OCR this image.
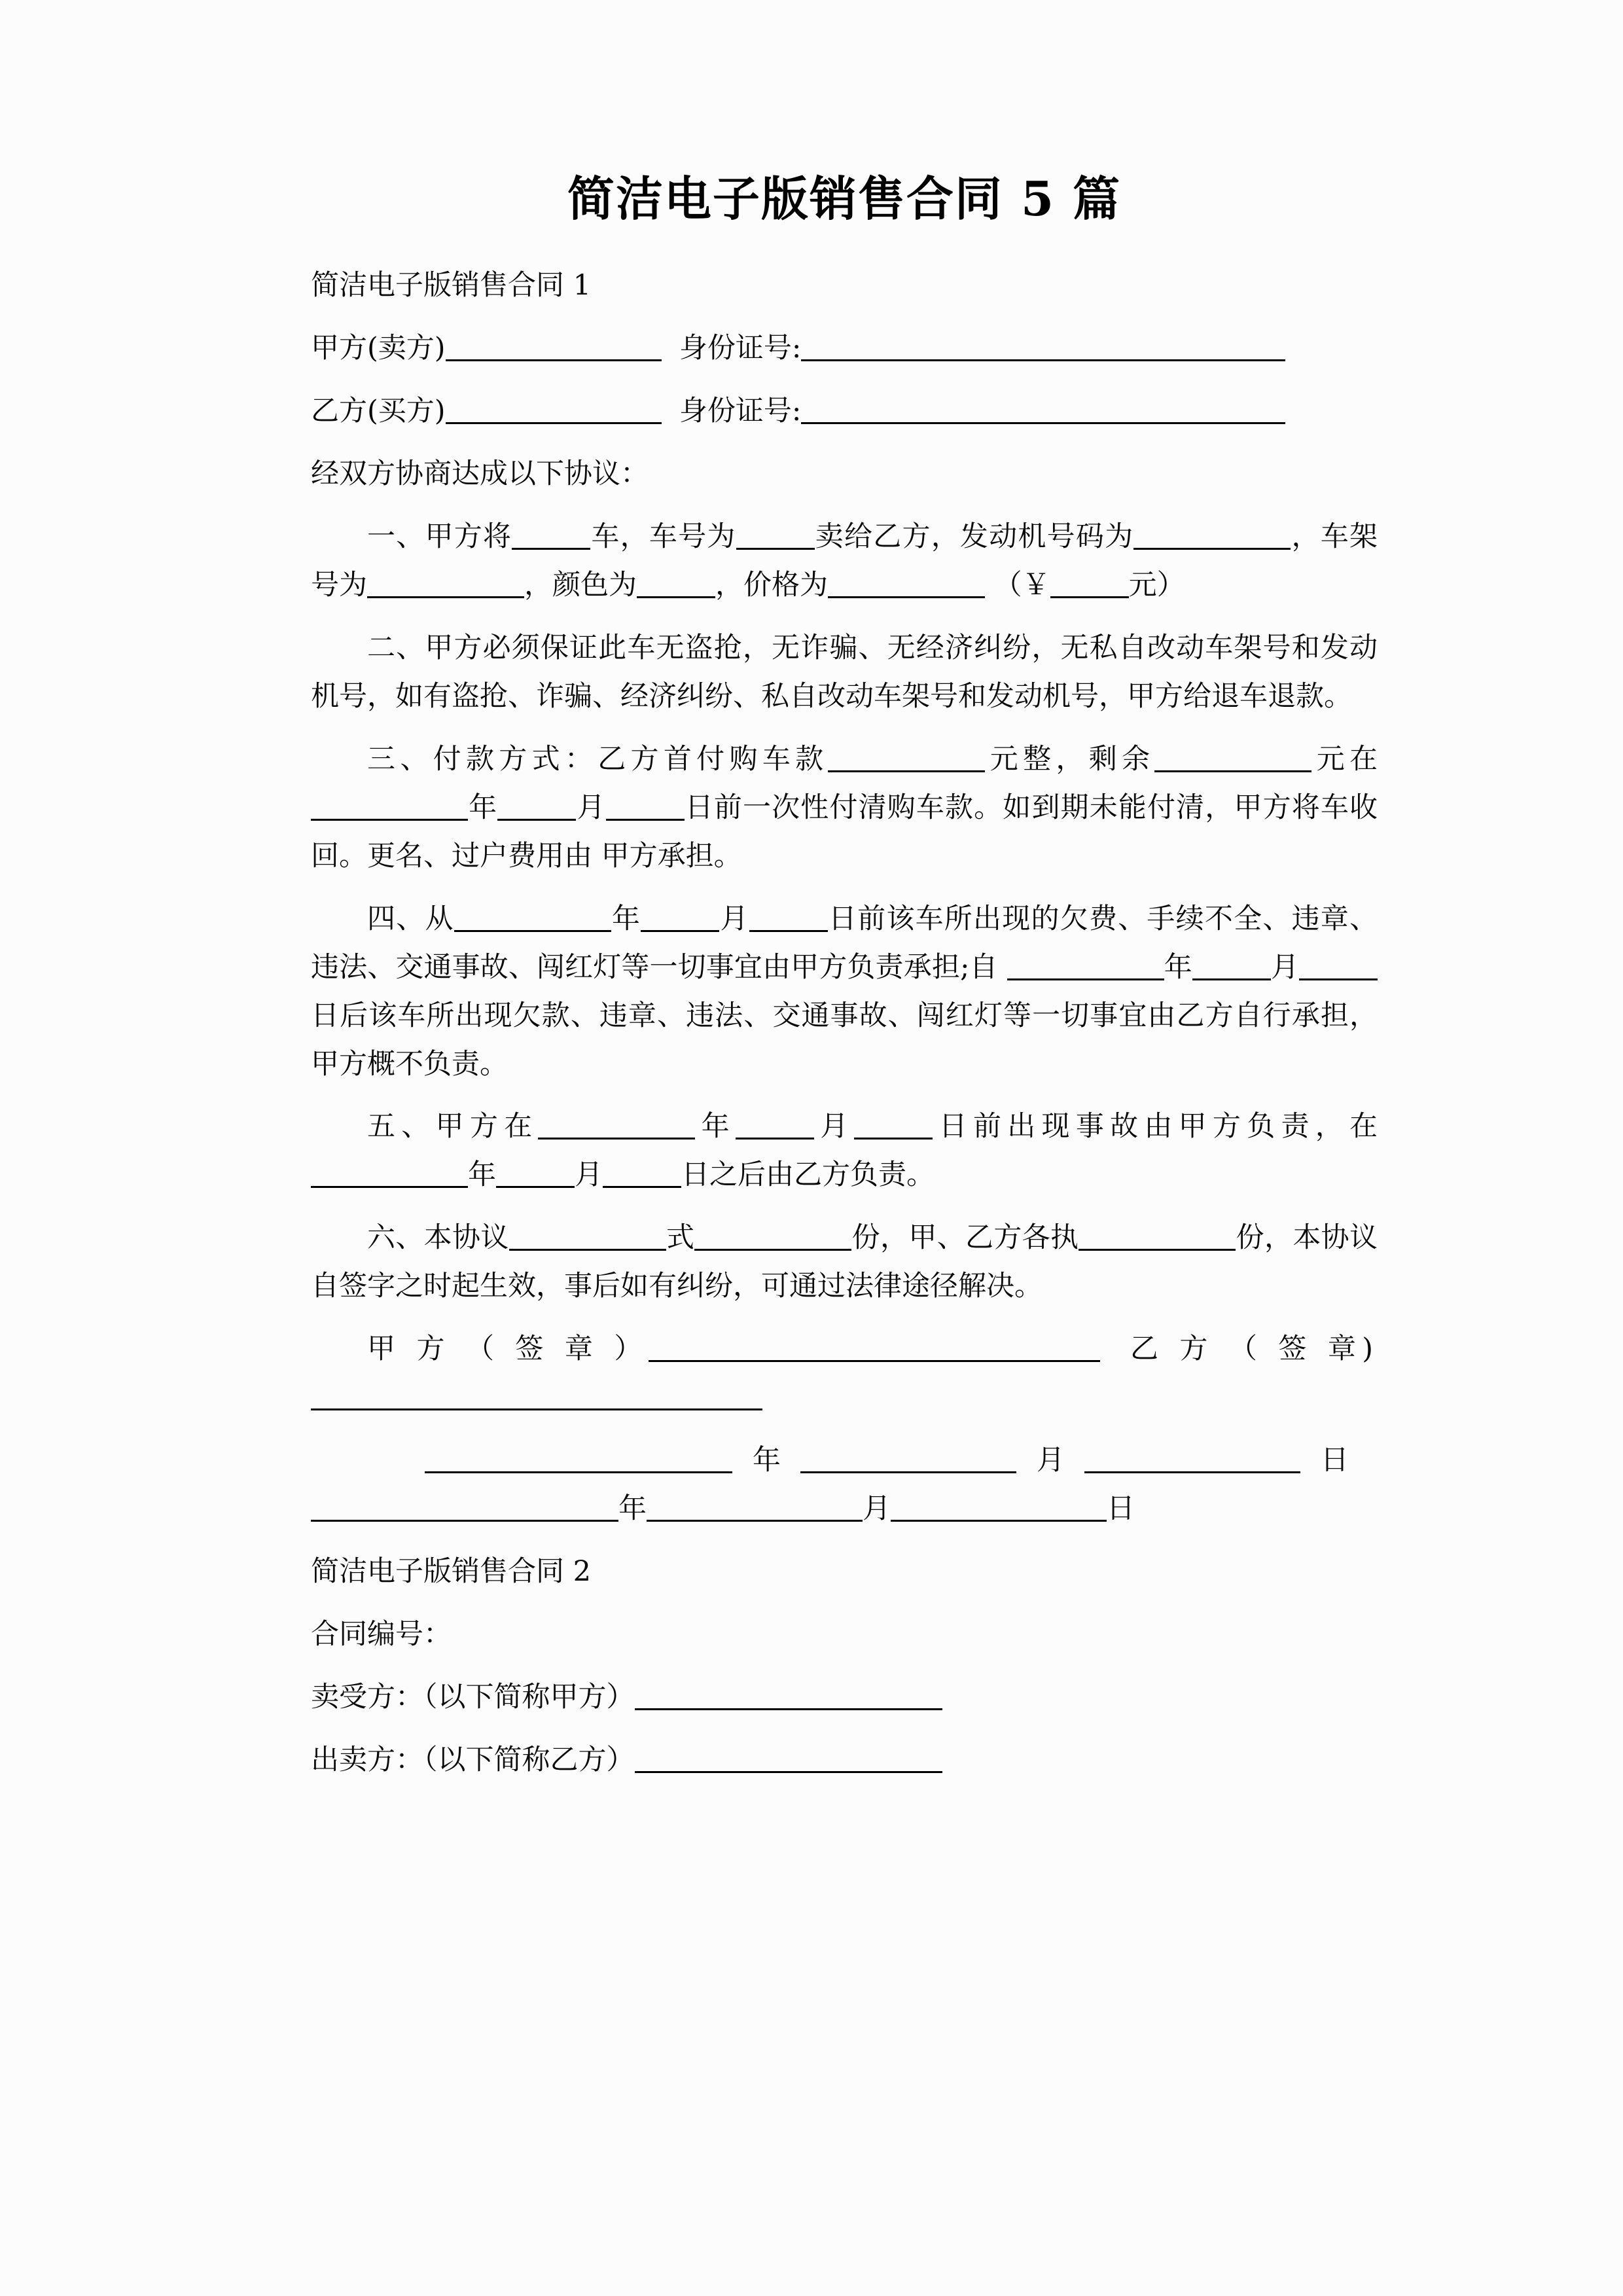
简洁电子版销售合同 5 篇

简洁电子版销售合同 1

甲方(卖方)	身份证号:

乙方(买方)	身份证号:

经双方协商达成以下协议：

一、甲方将	车，车号为	卖给乙方，发动机号码为	，车架号为	，颜色为	，价格为	（￥	元）

二、甲方必须保证此车无盗抢，无诈骗、无经济纠纷，无私自改动车架号和发动机号，如有盗抢、诈骗、经济纠纷、私自改动车架号和发动机号，甲方给退车退款。

三、付款方式：乙方首付购车款	元整，剩余	元在年	月	日前一次性付清购车款。如到期未能付清，甲方将车收回。更名、过户费用由 甲方承担。

四、从	年	月	日前该车所出现的欠费、手续不全、违章、违法、交通事故、闯红灯等一切事宜由甲方负责承担;自	年	月日后该车所出现欠款、违章、违法、交通事故、闯红灯等一切事宜由乙方自行承担，甲方概不负责。

五、甲方在	年	月	日前出现事故由甲方负责，在年	月	日之后由乙方负责。

六、本协议	式	份，甲、乙方各执	份，本协议自签字之时起生效，事后如有纠纷，可通过法律途径解决。

甲 方 （ 签 章 ）	乙 方 （ 签 章)

年	月	日 年	月	日

简洁电子版销售合同 2

合同编号：

卖受方：（以下简称甲方）

出卖方：（以下简称乙方）
